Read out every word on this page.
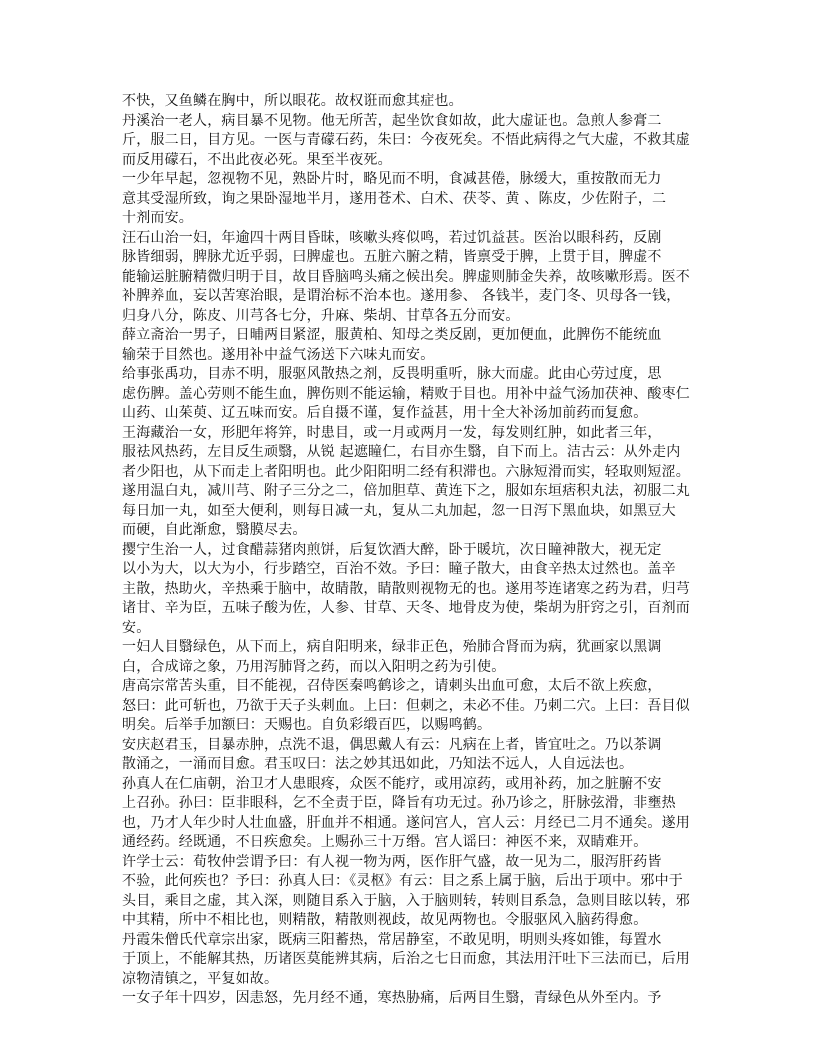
不快，又鱼鳞在胸中，所以眼花。故权诳而愈其症也。
丹溪治一老人，病目暴不见物。他无所苦，起坐饮食如故，此大虚证也。急煎人参膏二
斤，服二日，目方见。一医与青礞石药，朱曰：今夜死矣。不悟此病得之气大虚，不救其虚
而反用礞石，不出此夜必死。果至半夜死。
一少年早起，忽视物不见，熟卧片时，略见而不明，食减甚倦，脉缓大，重按散而无力
意其受湿所致，询之果卧湿地半月，遂用苍术、白术、茯苓、黄 、陈皮，少佐附子，二
十剂而安。
汪石山治一妇，年逾四十两目昏昧，咳嗽头疼似鸣，若过饥益甚。医治以眼科药，反剧
脉皆细弱，脾脉尤近乎弱，曰脾虚也。五脏六腑之精，皆禀受于脾，上贯于目，脾虚不
能输运脏腑精微归明于目，故目昏脑鸣头痛之候出矣。脾虚则肺金失养，故咳嗽形焉。医不
补脾养血，妄以苦寒治眼，是谓治标不治本也。遂用参、 各钱半，麦门冬、贝母各一钱，
归身八分，陈皮、川芎各七分，升麻、柴胡、甘草各五分而安。
薛立斋治一男子，日晡两目紧涩，服黄柏、知母之类反剧，更加便血，此脾伤不能统血
输荣于目然也。遂用补中益气汤送下六味丸而安。
给事张禹功，目赤不明，服驱风散热之剂，反畏明重听，脉大而虚。此由心劳过度，思
虑伤脾。盖心劳则不能生血，脾伤则不能运输，精败于目也。用补中益气汤加茯神、酸枣仁
山药、山茱萸、辽五味而安。后自摄不谨，复作益甚，用十全大补汤加前药而复愈。
王海藏治一女，形肥年将笄，时患目，或一月或两月一发，每发则红肿，如此者三年，
服祛风热药，左目反生顽翳，从锐 起遮瞳仁，右目亦生翳，自下而上。洁古云：从外走内
者少阳也，从下而走上者阳明也。此少阳阳明二经有积滞也。六脉短滑而实，轻取则短涩。
遂用温白丸，减川芎、附子三分之二，倍加胆草、黄连下之，服如东垣痞积丸法，初服二丸
每日加一丸，如至大便利，则每日减一丸，复从二丸加起，忽一日泻下黑血块，如黑豆大
而硬，自此渐愈，翳膜尽去。
撄宁生治一人，过食醋蒜猪肉煎饼，后复饮酒大醉，卧于暖坑，次日瞳神散大，视无定
以小为大，以大为小，行步踏空，百治不效。予曰：瞳子散大，由食辛热太过然也。盖辛
主散，热助火，辛热乘于脑中，故睛散，睛散则视物无的也。遂用芩连诸寒之药为君，归芎
诸甘、辛为臣，五味子酸为佐，人参、甘草、天冬、地骨皮为使，柴胡为肝窍之引，百剂而
安。
一妇人目翳绿色，从下而上，病自阳明来，绿非正色，殆肺合肾而为病，犹画家以黑调
白，合成谛之象，乃用泻肺肾之药，而以入阳明之药为引使。
唐高宗常苦头重，目不能视，召侍医秦鸣鹤诊之，请刺头出血可愈，太后不欲上疾愈，
怒曰：此可斩也，乃欲于天子头刺血。上曰：但刺之，未必不佳。乃刺二穴。上曰：吾目似
明矣。后举手加额曰：天赐也。自负彩缎百匹，以赐鸣鹤。
安庆赵君玉，目暴赤肿，点洗不退，偶思戴人有云：凡病在上者，皆宜吐之。乃以茶调
散涌之，一涌而目愈。君玉叹曰：法之妙其迅如此，乃知法不远人，人自远法也。
孙真人在仁庙朝，治卫才人患眼疼，众医不能疗，或用凉药，或用补药，加之脏腑不安
上召孙。孙曰：臣非眼科，乞不全责于臣，降旨有功无过。孙乃诊之，肝脉弦滑，非壅热
也，乃才人年少时人壮血盛，肝血并不相通。遂问宫人，宫人云：月经已二月不通矣。遂用
通经药。经既通，不日疾愈矣。上赐孙三十万缗。宫人谣曰：神医不来，双睛难开。
许学士云：荀牧仲尝谓予曰：有人视一物为两，医作肝气盛，故一见为二，服泻肝药皆
不验，此何疾也？予曰：孙真人曰：《灵枢》有云：目之系上属于脑，后出于项中。邪中于
头目，乘目之虚，其入深，则随目系入于脑，入于脑则转，转则目系急，急则目眩以转，邪
中其精，所中不相比也，则精散，精散则视歧，故见两物也。令服驱风入脑药得愈。
丹霞朱僧氏代章宗出家，既病三阳蓄热，常居静室，不敢见明，明则头疼如锥，每置水
于顶上，不能解其热，历诸医莫能辨其病，后治之七日而愈，其法用汗吐下三法而已，后用
凉物清镇之，平复如故。
一女子年十四岁，因恚怒，先月经不通，寒热胁痛，后两目生翳，青绿色从外至内。予
